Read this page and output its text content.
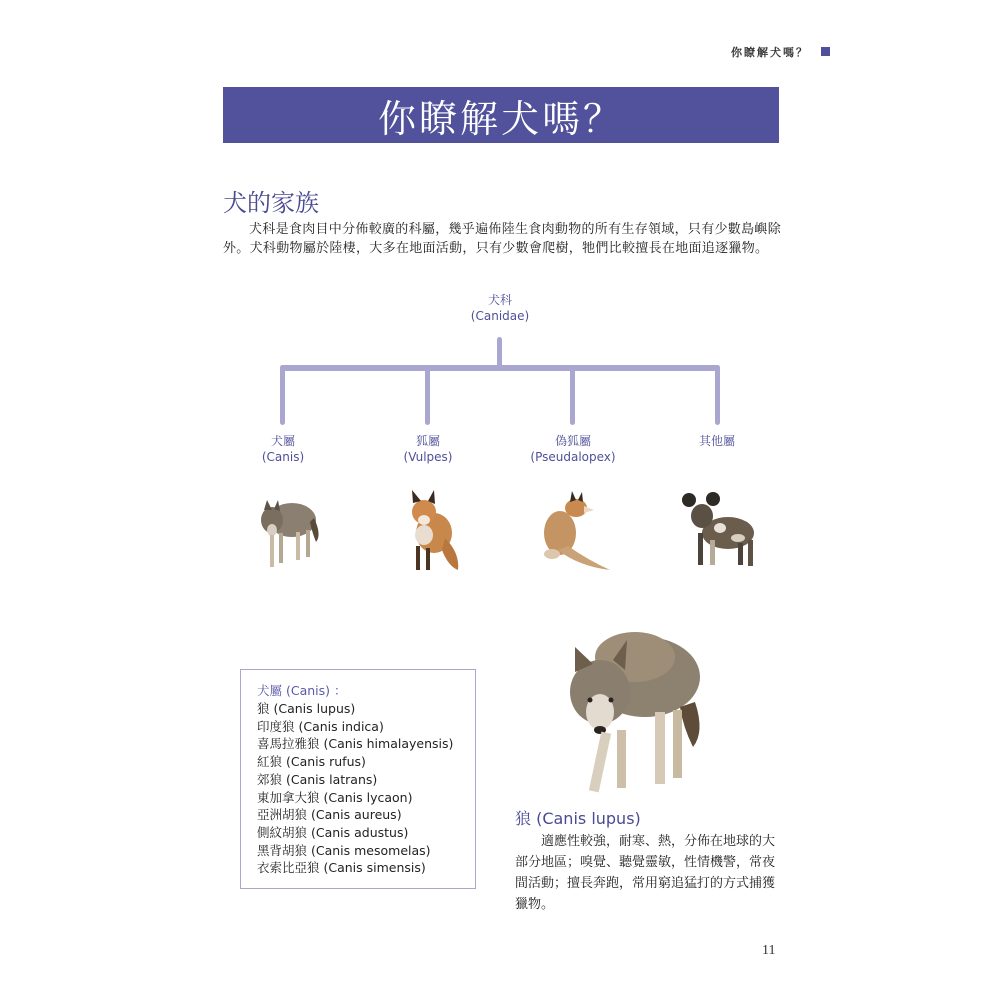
你瞭解犬嗎？
你瞭解犬嗎？
犬的家族

犬科是食肉目中分佈較廣的科屬，幾乎遍佈陸生食肉動物的所有生存領域，只有少數島嶼除外。犬科動物屬於陸棲，大多在地面活動，只有少數會爬樹，牠們比較擅長在地面追逐獵物。

犬科
(Canidae)
犬屬
(Canis)
狐屬
(Vulpes)
偽狐屬
(Pseudalopex)
其他屬
犬屬 (Canis) ：
狼 (Canis lupus)
印度狼 (Canis indica)
喜馬拉雅狼 (Canis himalayensis)
紅狼 (Canis rufus)
郊狼 (Canis latrans)
東加拿大狼 (Canis lycaon)
亞洲胡狼 (Canis aureus)
側紋胡狼 (Canis adustus)
黑背胡狼 (Canis mesomelas)
衣索比亞狼 (Canis simensis)
狼 (Canis lupus)

適應性較強，耐寒、熱，分佈在地球的大部分地區；嗅覺、聽覺靈敏，性情機警，常夜間活動；擅長奔跑，常用窮追猛打的方式捕獲獵物。

11
